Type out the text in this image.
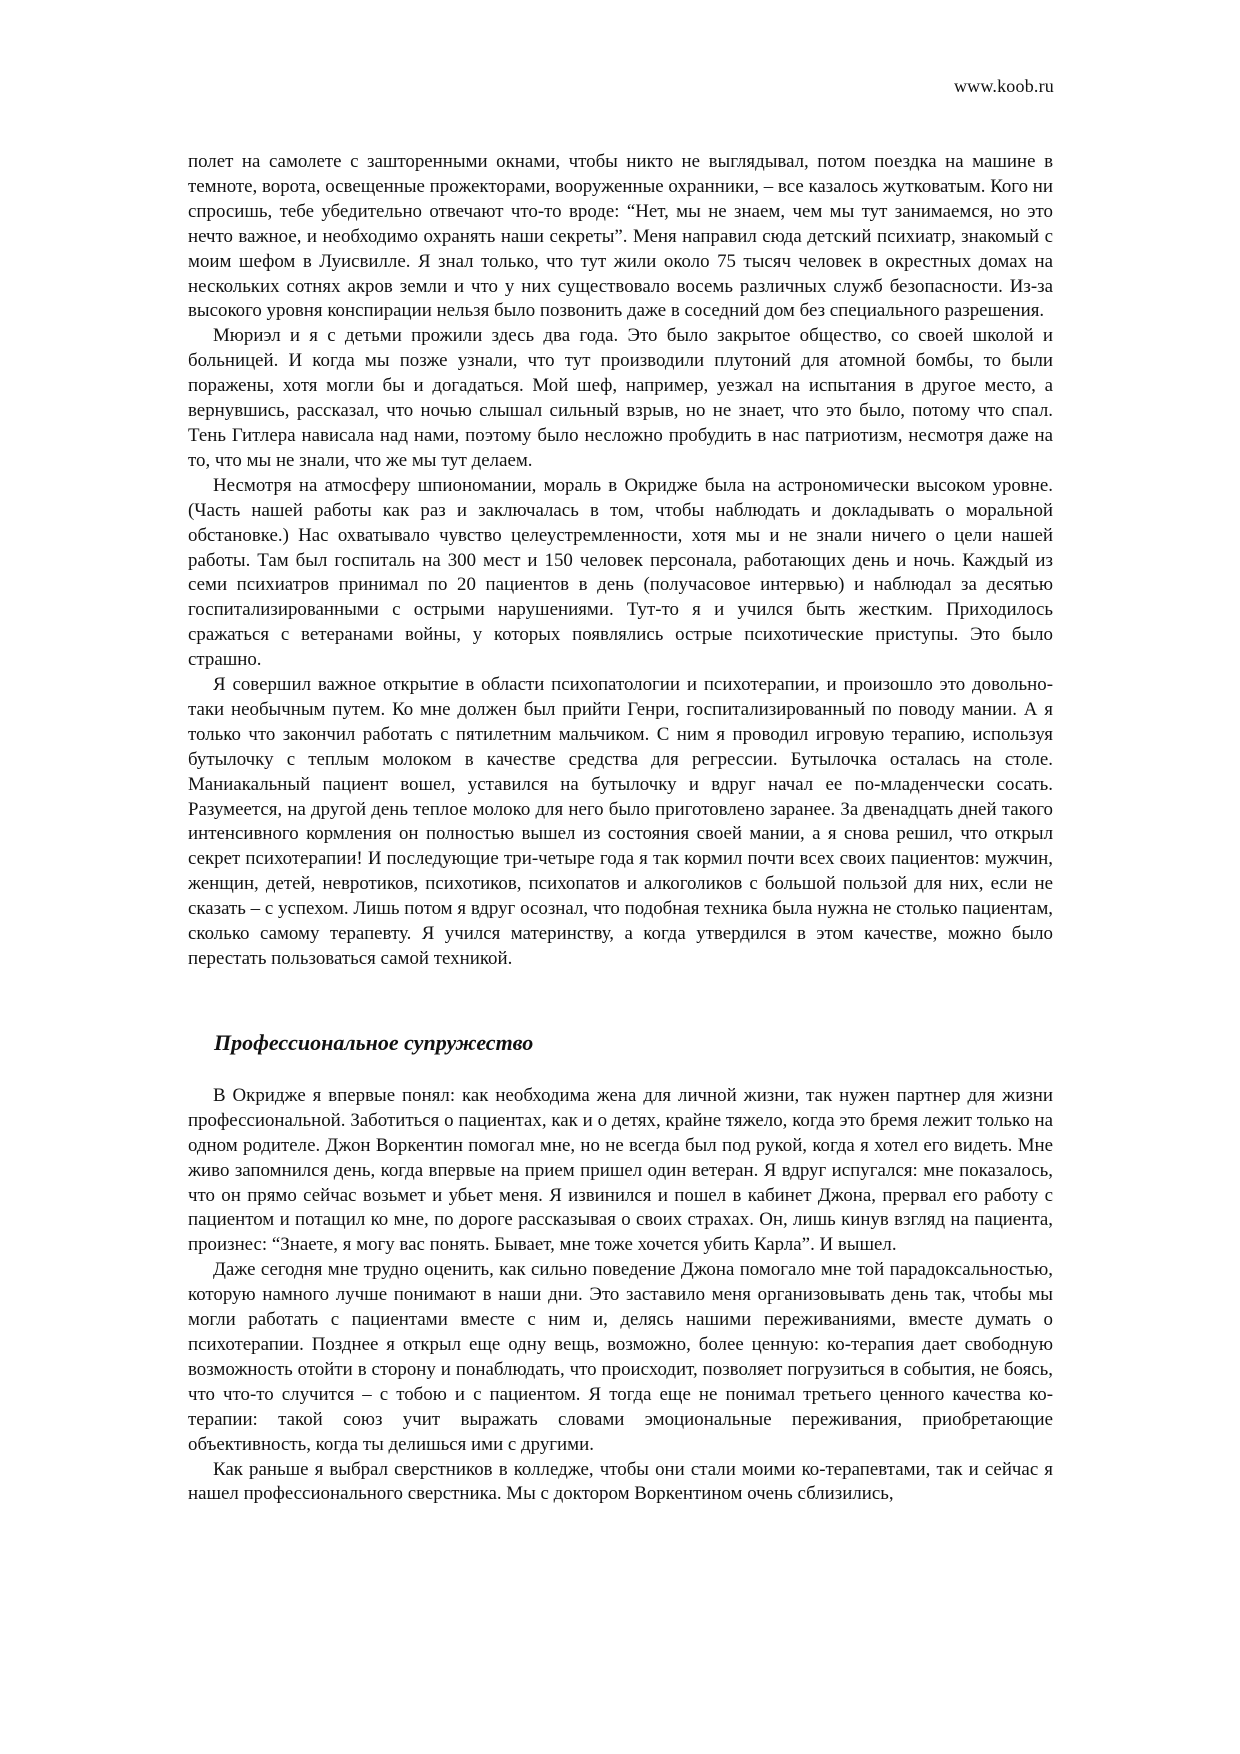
www.koob.ru

полет на самолете с зашторенными окнами, чтобы никто не выглядывал, потом поездка на машине в темноте, ворота, освещенные прожекторами, вооруженные охранники, – все казалось жутковатым. Кого ни спросишь, тебе убедительно отвечают что-то вроде: “Нет, мы не знаем, чем мы тут занимаемся, но это нечто важное, и необходимо охранять наши секреты”. Меня направил сюда детский психиатр, знакомый с моим шефом в Луисвилле. Я знал только, что тут жили около 75 тысяч человек в окрестных домах на нескольких сотнях акров земли и что у них существовало восемь различных служб безопасности. Из-за высокого уровня конспирации нельзя было позвонить даже в соседний дом без специального разрешения.

Мюриэл и я с детьми прожили здесь два года. Это было закрытое общество, со своей школой и больницей. И когда мы позже узнали, что тут производили плутоний для атомной бомбы, то были поражены, хотя могли бы и догадаться. Мой шеф, например, уезжал на испытания в другое место, а вернувшись, рассказал, что ночью слышал сильный взрыв, но не знает, что это было, потому что спал. Тень Гитлера нависала над нами, поэтому было несложно пробудить в нас патриотизм, несмотря даже на то, что мы не знали, что же мы тут делаем.

Несмотря на атмосферу шпиономании, мораль в Окридже была на астрономически высоком уровне. (Часть нашей работы как раз и заключалась в том, чтобы наблюдать и докладывать о моральной обстановке.) Нас охватывало чувство целеустремленности, хотя мы и не знали ничего о цели нашей работы. Там был госпиталь на 300 мест и 150 человек персонала, работающих день и ночь. Каждый из семи психиатров принимал по 20 пациентов в день (получасовое интервью) и наблюдал за десятью госпитализированными с острыми нарушениями. Тут-то я и учился быть жестким. Приходилось сражаться с ветеранами войны, у которых появлялись острые психотические приступы. Это было страшно.

Я совершил важное открытие в области психопатологии и психотерапии, и произошло это довольно-таки необычным путем. Ко мне должен был прийти Генри, госпитализированный по поводу мании. А я только что закончил работать с пятилетним мальчиком. С ним я проводил игровую терапию, используя бутылочку с теплым молоком в качестве средства для регрессии. Бутылочка осталась на столе. Маниакальный пациент вошел, уставился на бутылочку и вдруг начал ее по-младенчески сосать. Разумеется, на другой день теплое молоко для него было приготовлено заранее. За двенадцать дней такого интенсивного кормления он полностью вышел из состояния своей мании, а я снова решил, что открыл секрет психотерапии! И последующие три-четыре года я так кормил почти всех своих пациентов: мужчин, женщин, детей, невротиков, психотиков, психопатов и алкоголиков с большой пользой для них, если не сказать – с успехом. Лишь потом я вдруг осознал, что подобная техника была нужна не столько пациентам, сколько самому терапевту. Я учился материнству, а когда утвердился в этом качестве, можно было перестать пользоваться самой техникой.

Профессиональное супружество

В Окридже я впервые понял: как необходима жена для личной жизни, так нужен партнер для жизни профессиональной. Заботиться о пациентах, как и о детях, крайне тяжело, когда это бремя лежит только на одном родителе. Джон Воркентин помогал мне, но не всегда был под рукой, когда я хотел его видеть. Мне живо запомнился день, когда впервые на прием пришел один ветеран. Я вдруг испугался: мне показалось, что он прямо сейчас возьмет и убьет меня. Я извинился и пошел в кабинет Джона, прервал его работу с пациентом и потащил ко мне, по дороге рассказывая о своих страхах. Он, лишь кинув взгляд на пациента, произнес: “Знаете, я могу вас понять. Бывает, мне тоже хочется убить Карла”. И вышел.

Даже сегодня мне трудно оценить, как сильно поведение Джона помогало мне той парадоксальностью, которую намного лучше понимают в наши дни. Это заставило меня организовывать день так, чтобы мы могли работать с пациентами вместе с ним и, делясь нашими переживаниями, вместе думать о психотерапии. Позднее я открыл еще одну вещь, возможно, более ценную: ко-терапия дает свободную возможность отойти в сторону и понаблюдать, что происходит, позволяет погрузиться в события, не боясь, что что-то случится – с тобою и с пациентом. Я тогда еще не понимал третьего ценного качества ко-терапии: такой союз учит выражать словами эмоциональные переживания, приобретающие объективность, когда ты делишься ими с другими.

Как раньше я выбрал сверстников в колледже, чтобы они стали моими ко-терапевтами, так и сейчас я нашел профессионального сверстника. Мы с доктором Воркентином очень сблизились,
